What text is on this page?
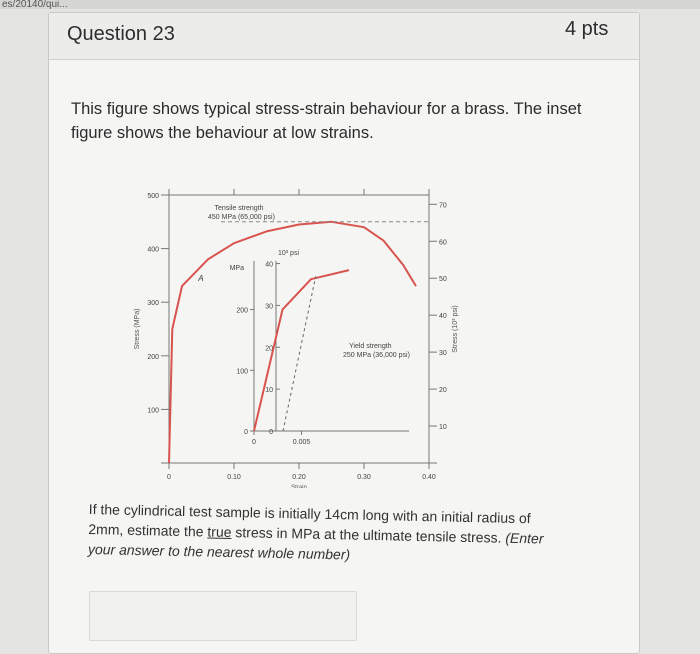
es/20140/qui...
Question 23	4 pts
This figure shows typical stress-strain behaviour for a brass. The inset figure shows the behaviour at low strains.
100
200
300
400
500
10
20
30
40
50
60
70
0	0.10	0.20	0.30	0.40
Strain
Stress (MPa)	Stress (10³ psi)
Tensile strength
450 MPa (65,000 psi)
A
MPa
0
100
200
10³ psi
0
10
20
30
40
0	0.005
Yield strength
250 MPa (36,000 psi)
If the cylindrical test sample is initially 14cm long with an initial radius of 2mm, estimate the true stress in MPa at the ultimate tensile stress. (Enter your answer to the nearest whole number)
